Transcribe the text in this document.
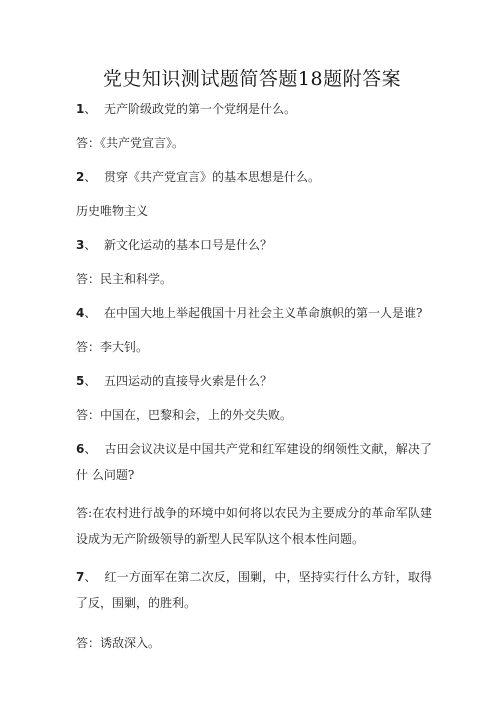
党史知识测试题简答题18题附答案
1、 无产阶级政党的第一个党纲是什么。
答：《共产党宣言》。
2、 贯穿《共产党宣言》的基本思想是什么。
历史唯物主义
3、 新文化运动的基本口号是什么？
答：民主和科学。
4、 在中国大地上举起俄国十月社会主义革命旗帜的第一人是谁?
答：李大钊。
5、 五四运动的直接导火索是什么？
答：中国在，巴黎和会，上的外交失败。
6、 古田会议决议是中国共产党和红军建设的纲领性文献，解决了什 么问题?
答:在农村进行战争的环境中如何将以农民为主要成分的革命军队建 设成为无产阶级领导的新型人民军队这个根本性问题。
7、 红一方面军在第二次反，围剿，中，坚持实行什么方针，取得了反，围剿，的胜利。
答：诱敌深入。
